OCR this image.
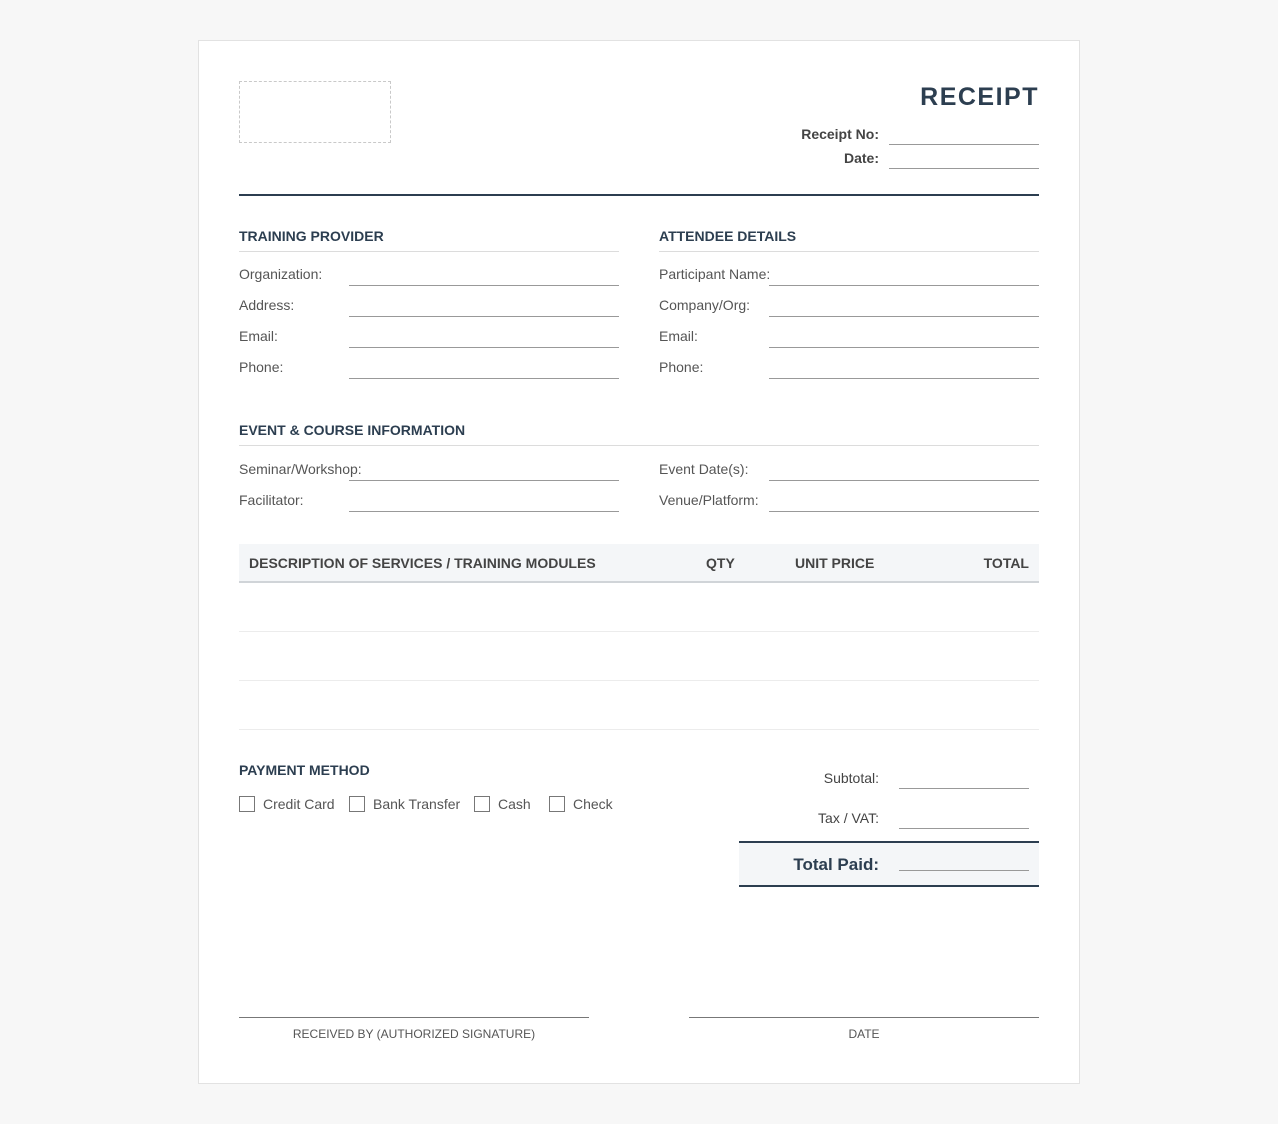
RECEIPT
Receipt No:
Date:
TRAINING PROVIDER
Organization:
Address:
Email:
Phone:
ATTENDEE DETAILS
Participant Name:
Company/Org:
Email:
Phone:
EVENT & COURSE INFORMATION
Seminar/Workshop:
Facilitator:
Event Date(s):
Venue/Platform:
DESCRIPTION OF SERVICES / TRAINING MODULES	QTY	UNIT PRICE	TOTAL
PAYMENT METHOD
Credit Card	Bank Transfer	Cash	Check
Subtotal:
Tax / VAT:
Total Paid:
RECEIVED BY (AUTHORIZED SIGNATURE)	DATE
